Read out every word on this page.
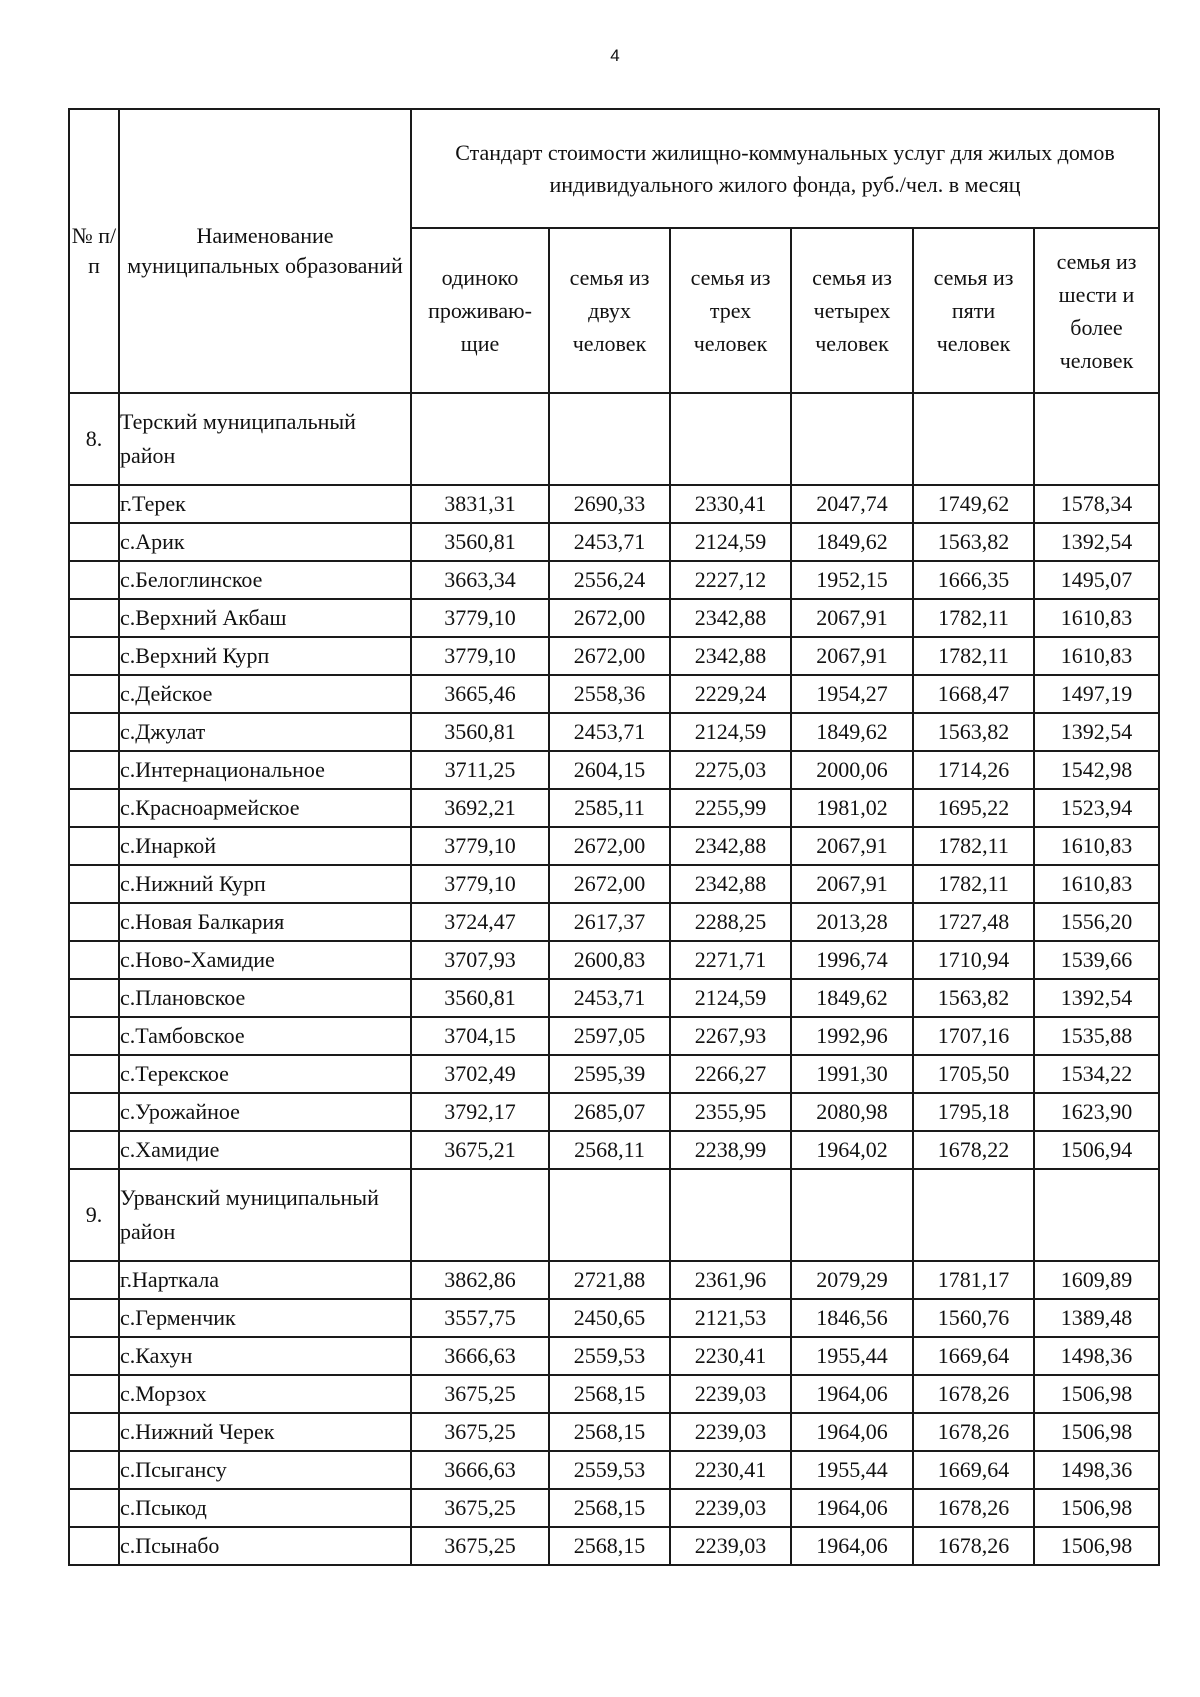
4
№ п/п	Наименование муниципальных образований	Стандарт стоимости жилищно-коммунальных услуг для жилых домов индивидуального жилого фонда, руб./чел. в месяц					
		одиноко проживаю-щие	семья из двух человек	семья из трех человек	семья из четырех человек	семья из пяти человек	семья из шести и более человек
8.	Терский муниципальный район						
	г.Терек	3831,31	2690,33	2330,41	2047,74	1749,62	1578,34
	с.Арик	3560,81	2453,71	2124,59	1849,62	1563,82	1392,54
	с.Белоглинское	3663,34	2556,24	2227,12	1952,15	1666,35	1495,07
	с.Верхний Акбаш	3779,10	2672,00	2342,88	2067,91	1782,11	1610,83
	с.Верхний Курп	3779,10	2672,00	2342,88	2067,91	1782,11	1610,83
	с.Дейское	3665,46	2558,36	2229,24	1954,27	1668,47	1497,19
	с.Джулат	3560,81	2453,71	2124,59	1849,62	1563,82	1392,54
	с.Интернациональное	3711,25	2604,15	2275,03	2000,06	1714,26	1542,98
	с.Красноармейское	3692,21	2585,11	2255,99	1981,02	1695,22	1523,94
	с.Инаркой	3779,10	2672,00	2342,88	2067,91	1782,11	1610,83
	с.Нижний Курп	3779,10	2672,00	2342,88	2067,91	1782,11	1610,83
	с.Новая Балкария	3724,47	2617,37	2288,25	2013,28	1727,48	1556,20
	с.Ново-Хамидие	3707,93	2600,83	2271,71	1996,74	1710,94	1539,66
	с.Плановское	3560,81	2453,71	2124,59	1849,62	1563,82	1392,54
	с.Тамбовское	3704,15	2597,05	2267,93	1992,96	1707,16	1535,88
	с.Терекское	3702,49	2595,39	2266,27	1991,30	1705,50	1534,22
	с.Урожайное	3792,17	2685,07	2355,95	2080,98	1795,18	1623,90
	с.Хамидие	3675,21	2568,11	2238,99	1964,02	1678,22	1506,94
9.	Урванский муниципальный район						
	г.Нарткала	3862,86	2721,88	2361,96	2079,29	1781,17	1609,89
	с.Герменчик	3557,75	2450,65	2121,53	1846,56	1560,76	1389,48
	с.Кахун	3666,63	2559,53	2230,41	1955,44	1669,64	1498,36
	с.Морзох	3675,25	2568,15	2239,03	1964,06	1678,26	1506,98
	с.Нижний Черек	3675,25	2568,15	2239,03	1964,06	1678,26	1506,98
	с.Псыгансу	3666,63	2559,53	2230,41	1955,44	1669,64	1498,36
	с.Псыкод	3675,25	2568,15	2239,03	1964,06	1678,26	1506,98
	с.Псынабо	3675,25	2568,15	2239,03	1964,06	1678,26	1506,98
